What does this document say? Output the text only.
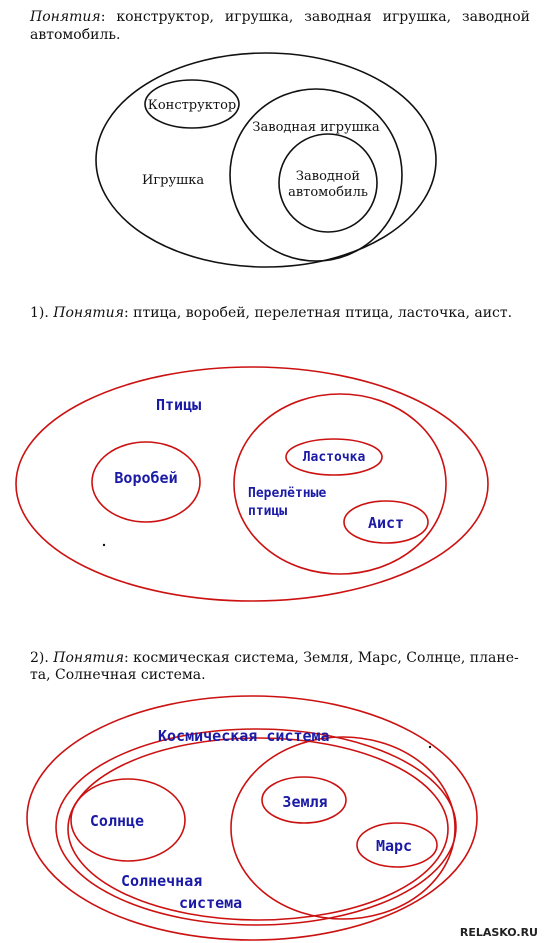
Понятия: конструктор, игрушка, заводная игрушка, заводной
автомобиль.
1). Понятия: птица, воробей, перелетная птица, ласточка, аист.
2). Понятия: космическая система, Земля, Марс, Солнце, плане-
та, Солнечная система.
Игрушка
Конструктор
Заводная игрушка
Заводной
автомобиль
Птицы
Воробей
Ласточка
Перелётные
птицы
Аист
Космическая система
Солнце
Земля
Марс
Солнечная
система
RELASKO.RU
